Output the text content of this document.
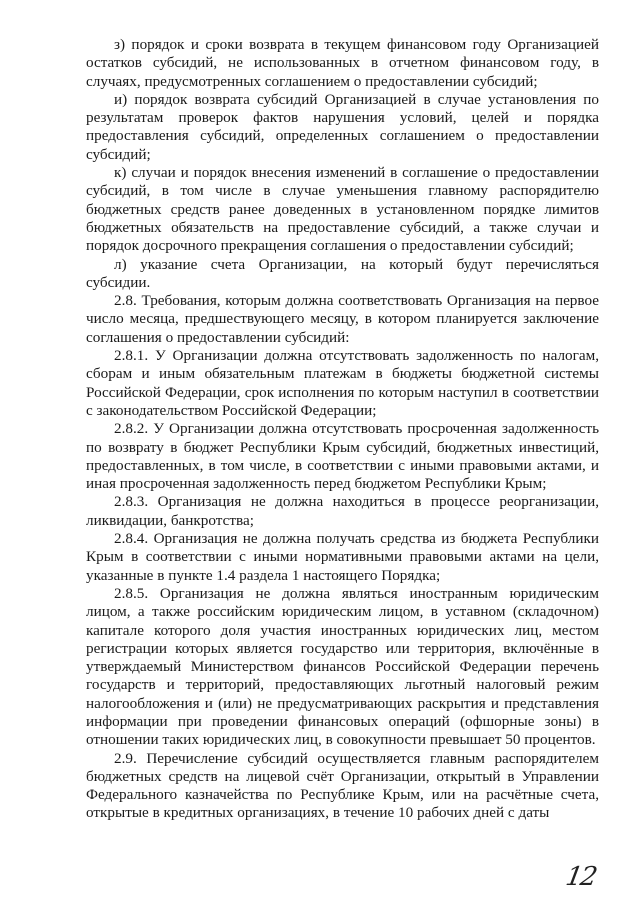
з) порядок и сроки возврата в текущем финансовом году Организацией остатков субсидий, не использованных в отчетном финансовом году, в случаях, предусмотренных соглашением о предоставлении субсидий;

и) порядок возврата субсидий Организацией в случае установления по результатам проверок фактов нарушения условий, целей и порядка предоставления субсидий, определенных соглашением о предоставлении субсидий;

к) случаи и порядок внесения изменений в соглашение о предоставлении субсидий, в том числе в случае уменьшения главному распорядителю бюджетных средств ранее доведенных в установленном порядке лимитов бюджетных обязательств на предоставление субсидий, а также случаи и порядок досрочного прекращения соглашения о предоставлении субсидий;

л) указание счета Организации, на который будут перечисляться субсидии.

2.8. Требования, которым должна соответствовать Организация на первое число месяца, предшествующего месяцу, в котором планируется заключение соглашения о предоставлении субсидий:

2.8.1. У Организации должна отсутствовать задолженность по налогам, сборам и иным обязательным платежам в бюджеты бюджетной системы Российской Федерации, срок исполнения по которым наступил в соответствии с законодательством Российской Федерации;

2.8.2. У Организации должна отсутствовать просроченная задолженность по возврату в бюджет Республики Крым субсидий, бюджетных инвестиций, предоставленных, в том числе, в соответствии с иными правовыми актами, и иная просроченная задолженность перед бюджетом Республики Крым;

2.8.3. Организация не должна находиться в процессе реорганизации, ликвидации, банкротства;

2.8.4. Организация не должна получать средства из бюджета Республики Крым в соответствии с иными нормативными правовыми актами на цели, указанные в пункте 1.4 раздела 1 настоящего Порядка;

2.8.5. Организация не должна являться иностранным юридическим лицом, а также российским юридическим лицом, в уставном (складочном) капитале которого доля участия иностранных юридических лиц, местом регистрации которых является государство или территория, включённые в утверждаемый Министерством финансов Российской Федерации перечень государств и территорий, предоставляющих льготный налоговый режим налогообложения и (или) не предусматривающих раскрытия и представления информации при проведении финансовых операций (офшорные зоны) в отношении таких юридических лиц, в совокупности превышает 50 процентов.

2.9. Перечисление субсидий осуществляется главным распорядителем бюджетных средств на лицевой счёт Организации, открытый в Управлении Федерального казначейства по Республике Крым, или на расчётные счета, открытые в кредитных организациях, в течение 10 рабочих дней с даты

12
